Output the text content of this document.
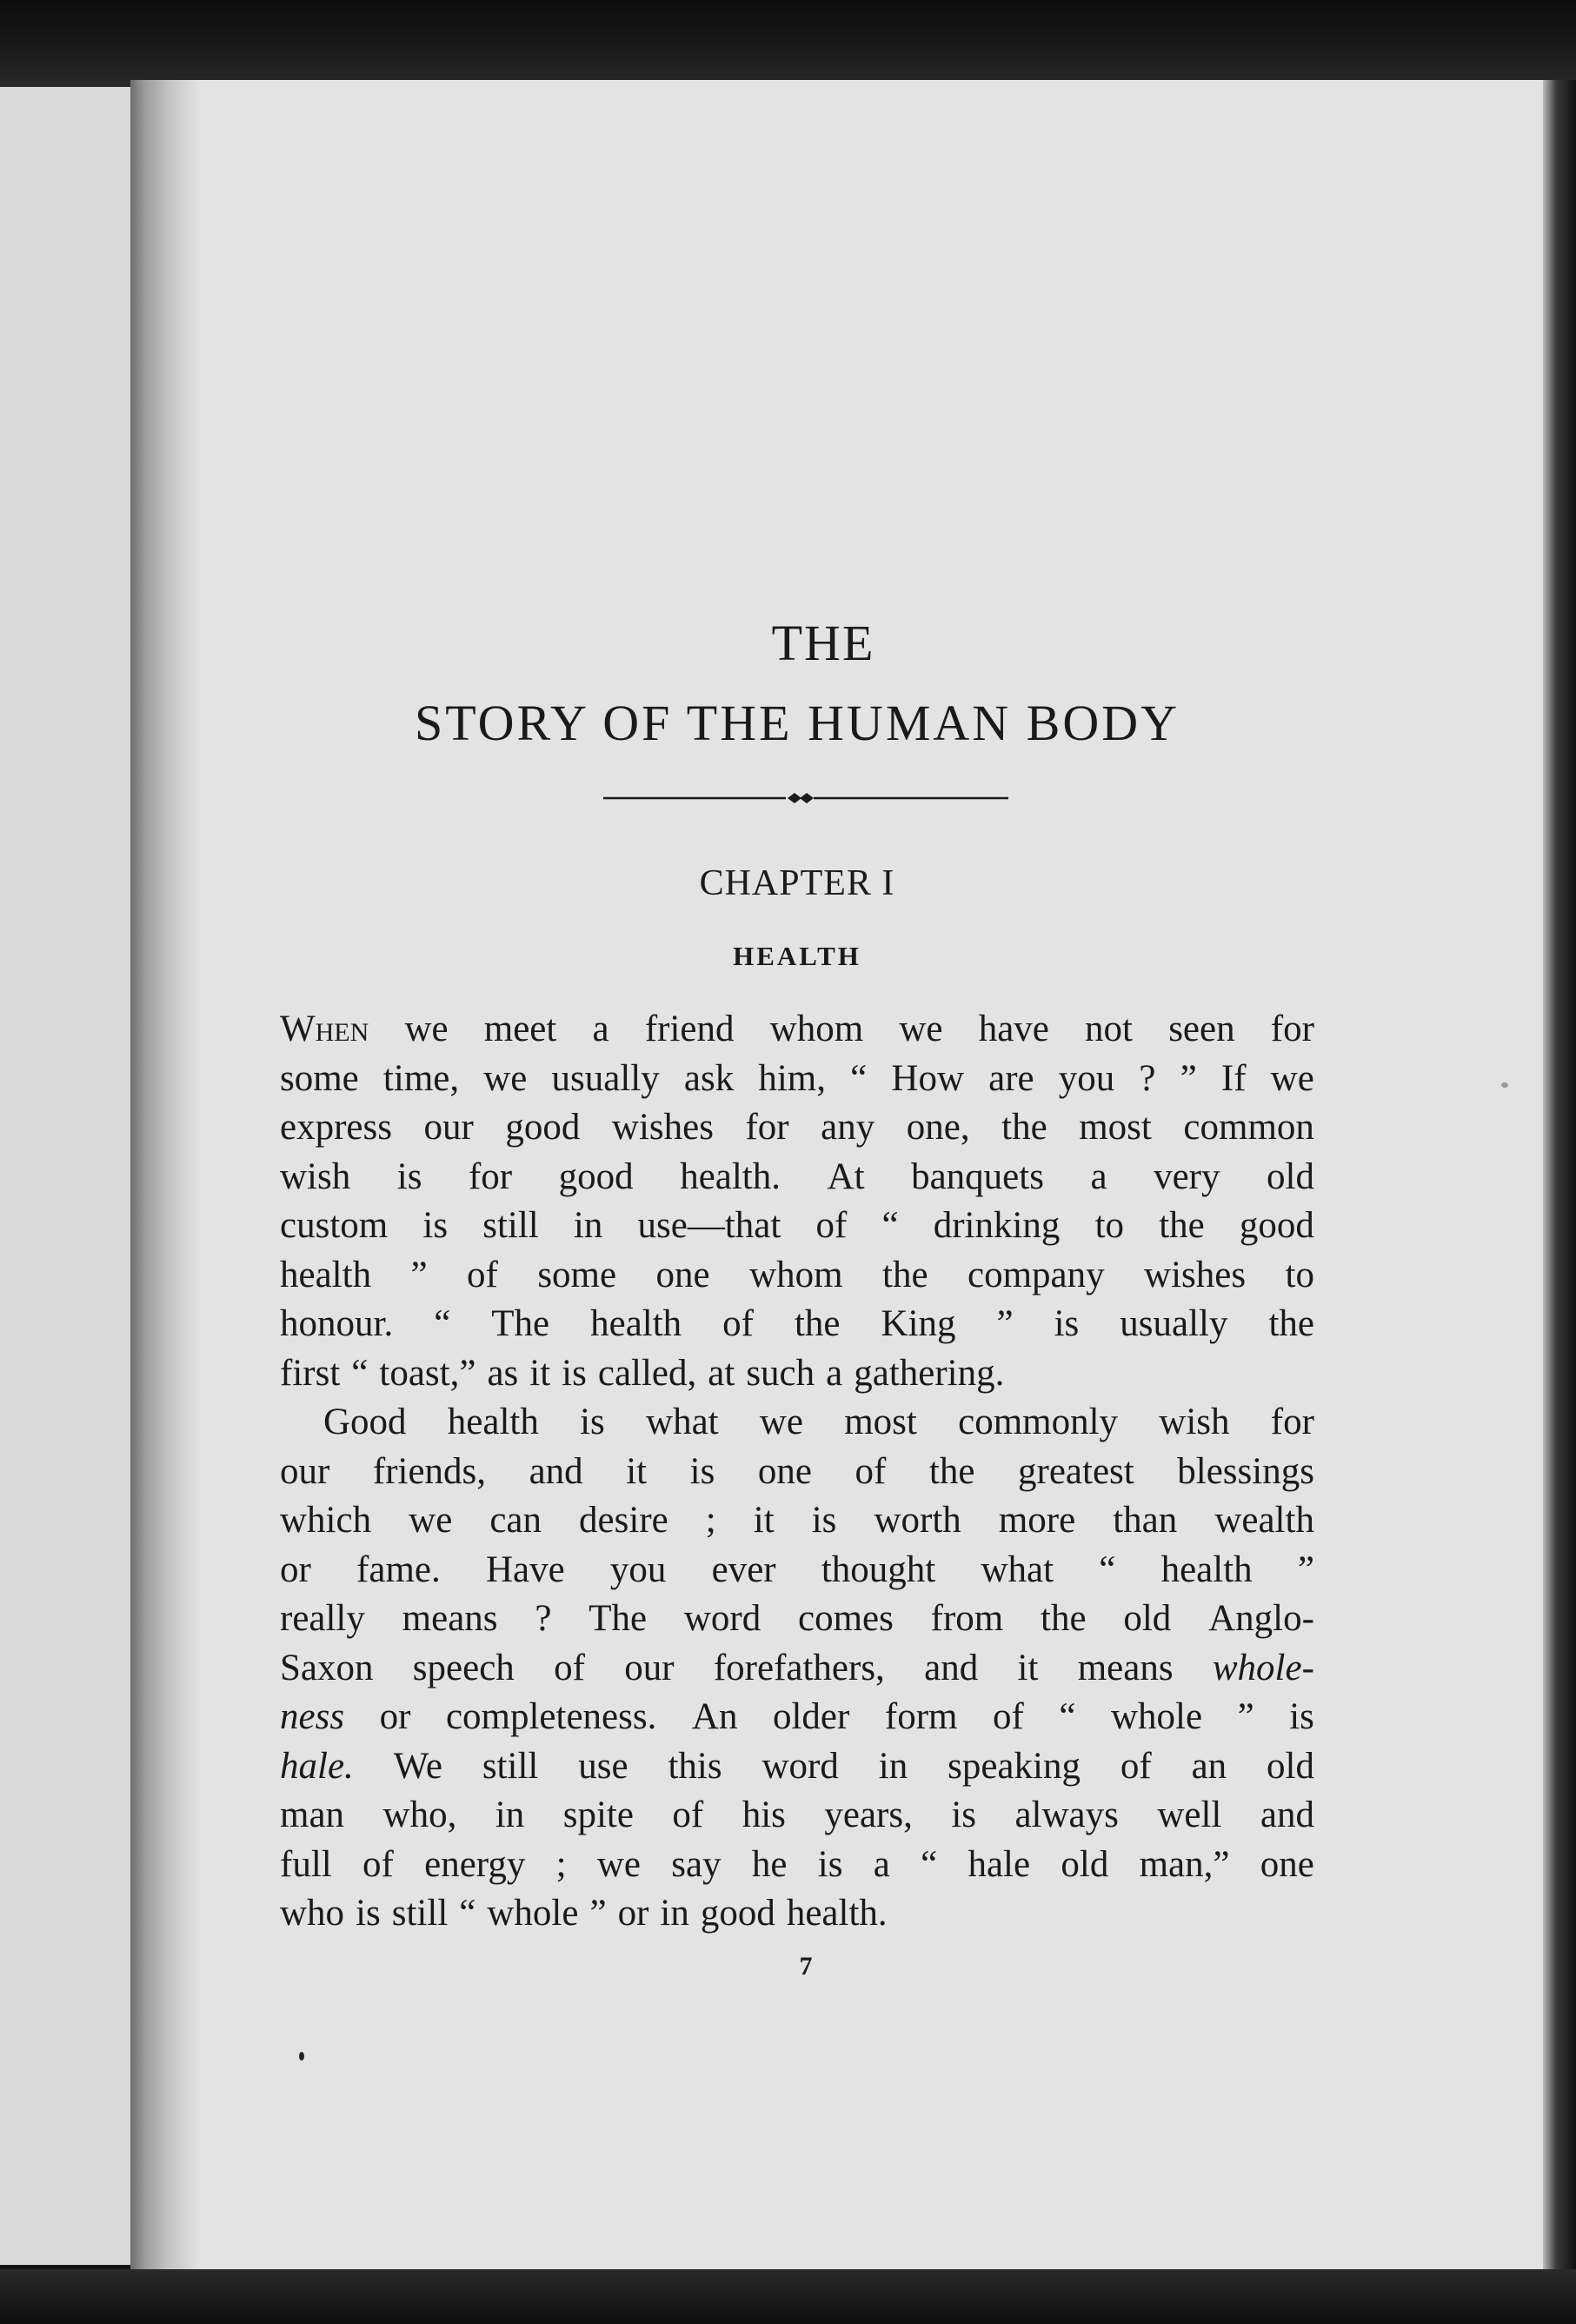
THE
STORY OF THE HUMAN BODY
CHAPTER I
HEALTH
When we meet a friend whom we have not seen for
some time, we usually ask him, “ How are you ? ” If we
express our good wishes for any one, the most common
wish is for good health. At banquets a very old
custom is still in use—that of “ drinking to the good
health ” of some one whom the company wishes to
honour. “ The health of the King ” is usually the
first “ toast,” as it is called, at such a gathering.
Good health is what we most commonly wish for
our friends, and it is one of the greatest blessings
which we can desire ; it is worth more than wealth
or fame. Have you ever thought what “ health ”
really means ? The word comes from the old Anglo-
Saxon speech of our forefathers, and it means whole-
ness or completeness. An older form of “ whole ” is
hale. We still use this word in speaking of an old
man who, in spite of his years, is always well and
full of energy ; we say he is a “ hale old man,” one
who is still “ whole ” or in good health.
7
